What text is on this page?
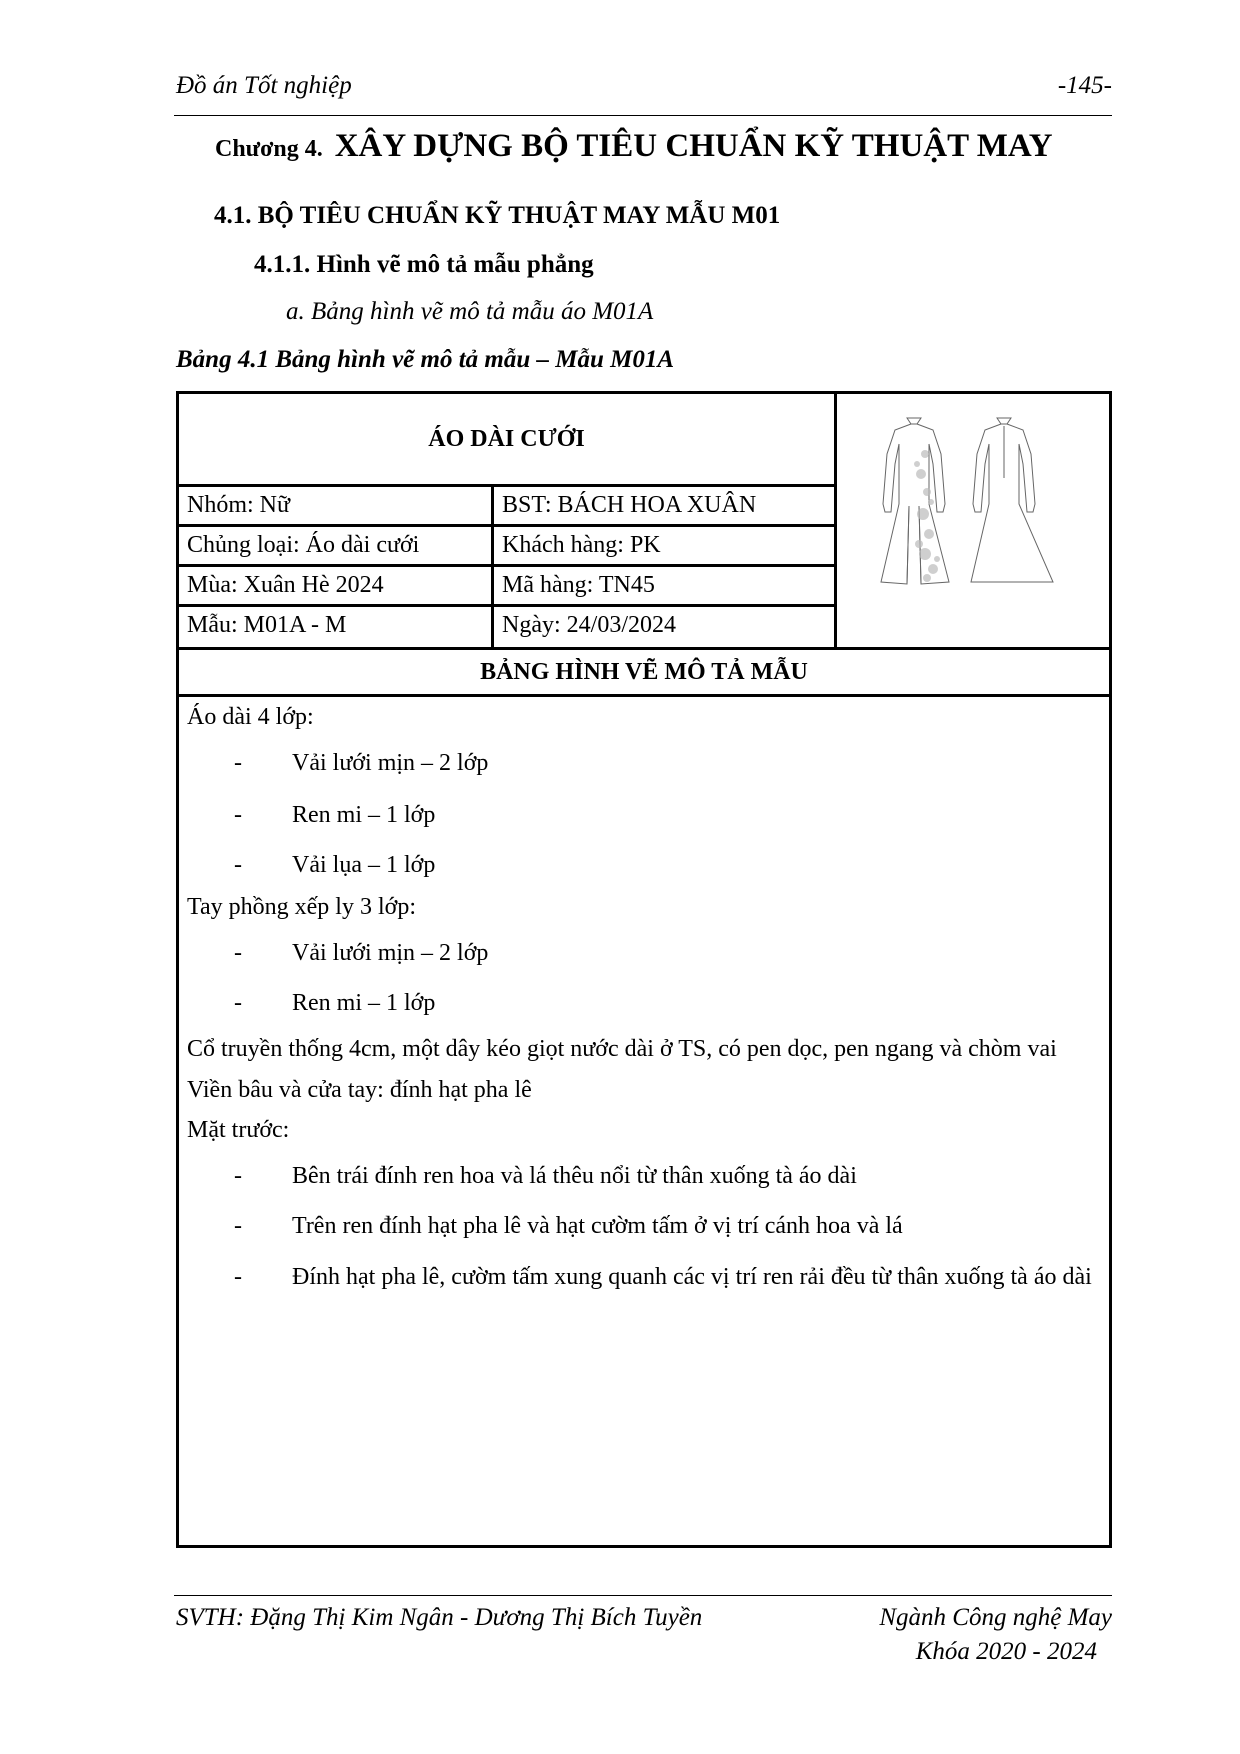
Đồ án Tốt nghiệp	-145-
Chương 4. XÂY DỰNG BỘ TIÊU CHUẨN KỸ THUẬT MAY
4.1. BỘ TIÊU CHUẨN KỸ THUẬT MAY MẪU M01
4.1.1. Hình vẽ mô tả mẫu phẳng
a. Bảng hình vẽ mô tả mẫu áo M01A
Bảng 4.1 Bảng hình vẽ mô tả mẫu – Mẫu M01A
ÁO DÀI CƯỚI
Nhóm: Nữ	BST: BÁCH HOA XUÂN
Chủng loại: Áo dài cưới	Khách hàng: PK
Mùa: Xuân Hè 2024	Mã hàng: TN45
Mẫu: M01A - M	Ngày: 24/03/2024
BẢNG HÌNH VẼ MÔ TẢ MẪU

Áo dài 4 lớp:

-	Vải lưới mịn – 2 lớp
-	Ren mi – 1 lớp
-	Vải lụa – 1 lớp

Tay phồng xếp ly 3 lớp:

-	Vải lưới mịn – 2 lớp
-	Ren mi – 1 lớp

Cổ truyền thống 4cm, một dây kéo giọt nước dài ở TS, có pen dọc, pen ngang và chòm vai

Viền bâu và cửa tay: đính hạt pha lê

Mặt trước:

-	Bên trái đính ren hoa và lá thêu nổi từ thân xuống tà áo dài
-	Trên ren đính hạt pha lê và hạt cườm tấm ở vị trí cánh hoa và lá
-	Đính hạt pha lê, cườm tấm xung quanh các vị trí ren rải đều từ thân xuống tà áo dài
SVTH: Đặng Thị Kim Ngân - Dương Thị Bích Tuyền	Ngành Công nghệ May
Khóa 2020 - 2024
